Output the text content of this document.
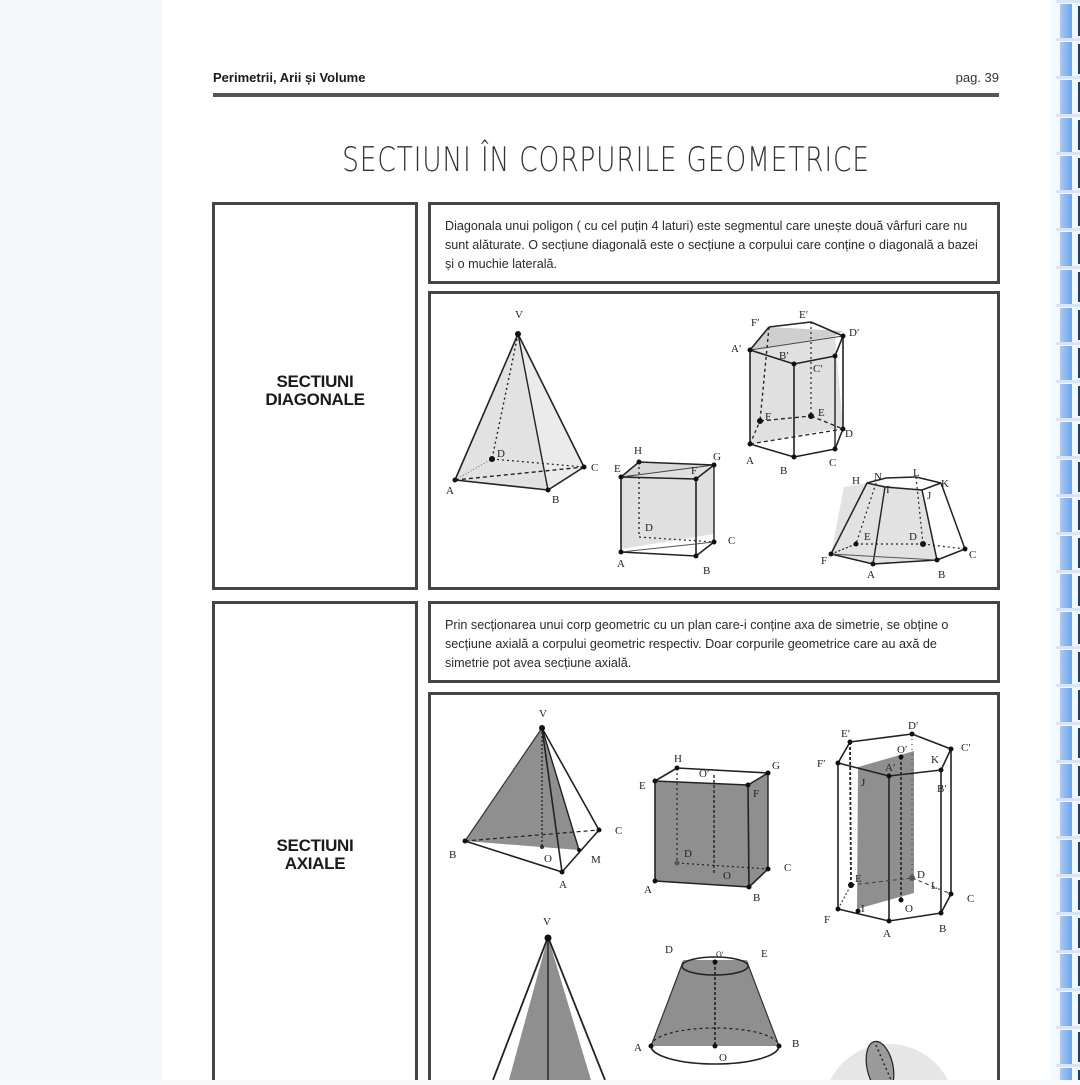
Perimetrii, Arii și Volume	pag. 39
SECTIUNI ÎN CORPURILE GEOMETRICE
SECTIUNI
DIAGONALE
Diagonala unui poligon ( cu cel puțin 4 laturi) este segmentul care unește două vârfuri care nu sunt alăturate. O secțiune diagonală este o secțiune a corpului care conține o diagonală a bazei și o muchie laterală.
V
D
C
A
B
H	G
E	F
D
C
A
B
F′
E′
D′
A′
B′
C′
F	E
D
A
B
C
H N	L
K
I	J
E	D
F
A	B
C
SECTIUNI
AXIALE
Prin secționarea unui corp geometric cu un plan care-i conține axa de simetrie, se obține o secțiune axială a corpului geometric respectiv. Doar corpurile geometrice care au axă de simetrie pot avea secțiune axială.
V
C
B	O	M
A
H
O′
G
E
F
D
C
O
A
B
E′
D′
O′	C′
F′	A′
K
J	B′
E	D
L
I	O
C
F
A	B
V
D	O′	E
A
O
B
